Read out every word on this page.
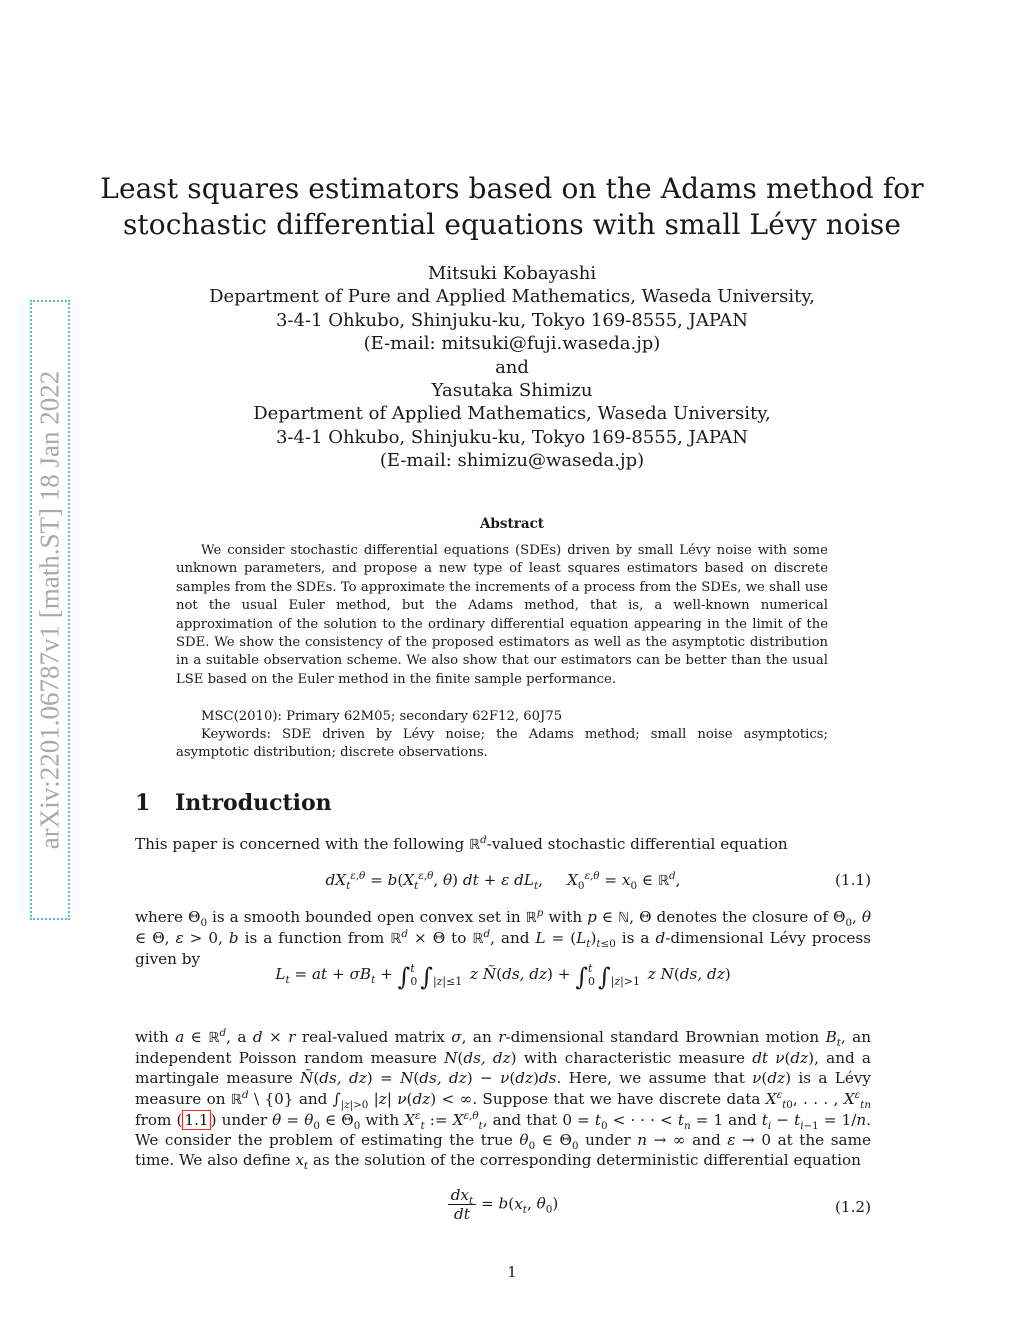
arXiv:2201.06787v1 [math.ST] 18 Jan 2022
Least squares estimators based on the Adams method for
stochastic differential equations with small Lévy noise
Mitsuki Kobayashi
Department of Pure and Applied Mathematics, Waseda University,
3-4-1 Ohkubo, Shinjuku-ku, Tokyo 169-8555, JAPAN
(E-mail: mitsuki@fuji.waseda.jp)
and
Yasutaka Shimizu
Department of Applied Mathematics, Waseda University,
3-4-1 Ohkubo, Shinjuku-ku, Tokyo 169-8555, JAPAN
(E-mail: shimizu@waseda.jp)
Abstract

We consider stochastic differential equations (SDEs) driven by small Lévy noise with some unknown parameters, and propose a new type of least squares estimators based on discrete samples from the SDEs. To approximate the increments of a process from the SDEs, we shall use not the usual Euler method, but the Adams method, that is, a well-known numerical approximation of the solution to the ordinary differential equation appearing in the limit of the SDE. We show the consistency of the proposed estimators as well as the asymptotic distribution in a suitable observation scheme. We also show that our estimators can be better than the usual LSE based on the Euler method in the finite sample performance.

MSC(2010): Primary 62M05; secondary 62F12, 60J75
Keywords: SDE driven by Lévy noise; the Adams method; small noise asymptotics; asymptotic distribution; discrete observations.
1 Introduction
This paper is concerned with the following ℝ$^d$-valued stochastic differential equation
$dX_t^{\varepsilon,\theta} = b(X_t^{\varepsilon,\theta}$, θ) dt + ε $dL_t$,     $X_0^{\varepsilon,\theta} = x_0$ ∈ ℝ$^d$,	(1.1)
where $\Theta_0$ is a smooth bounded open convex set in ℝ$^p$ with p ∈ ℕ, Θ denotes the closure of $\Theta_0$, θ ∈ Θ, ε > 0, b is a function from ℝ$^d$ × Θ to ℝ$^d$, and $L = (L_t)_{t\le 0}$ is a d-dimensional Lévy process given by
$L_t$ = at + $\sigma B_t + \int t$
0 ∫
|z|≤1 z Ñ(ds, dz) + ∫t
0 ∫
|z|>1 z N(ds, dz)
with a ∈ ℝ$^d$, a d × r real-valued matrix σ, an r-dimensional standard Brownian motion $B_t$, an independent Poisson random measure N(ds, dz) with characteristic measure dt ν(dz), and a martingale measure Ñ(ds, dz) = N(ds, dz) − ν(dz)ds. Here, we assume that ν(dz) is a Lévy measure on ℝ$^d$ \ {0} and $\int_{|z|>0}$ |z| ν(dz) < ∞. Suppose that we have discrete data $X^\varepsilon_{t0}$, . . . , $X^\varepsilon_{tn}$ from ( 1.1 ) under $\theta = \theta_0$ ∈ $\Theta_0$ with $X^\varepsilon_t$ := $X^{\varepsilon,\theta}_t$, and that $0 = t_0$ < · · · < $t_n = 1$ and $t_i - t_{i-1} = 1/n$. We consider the problem of estimating the true $\theta_0$ ∈ $\Theta_0$ under n → ∞ and ε → 0 at the same time. We also define $x_t$ as the solution of the corresponding deterministic differential equation
$\frac{dx_t}{dt} = b(x_t$, $\theta_0$)	(1.2)
1
